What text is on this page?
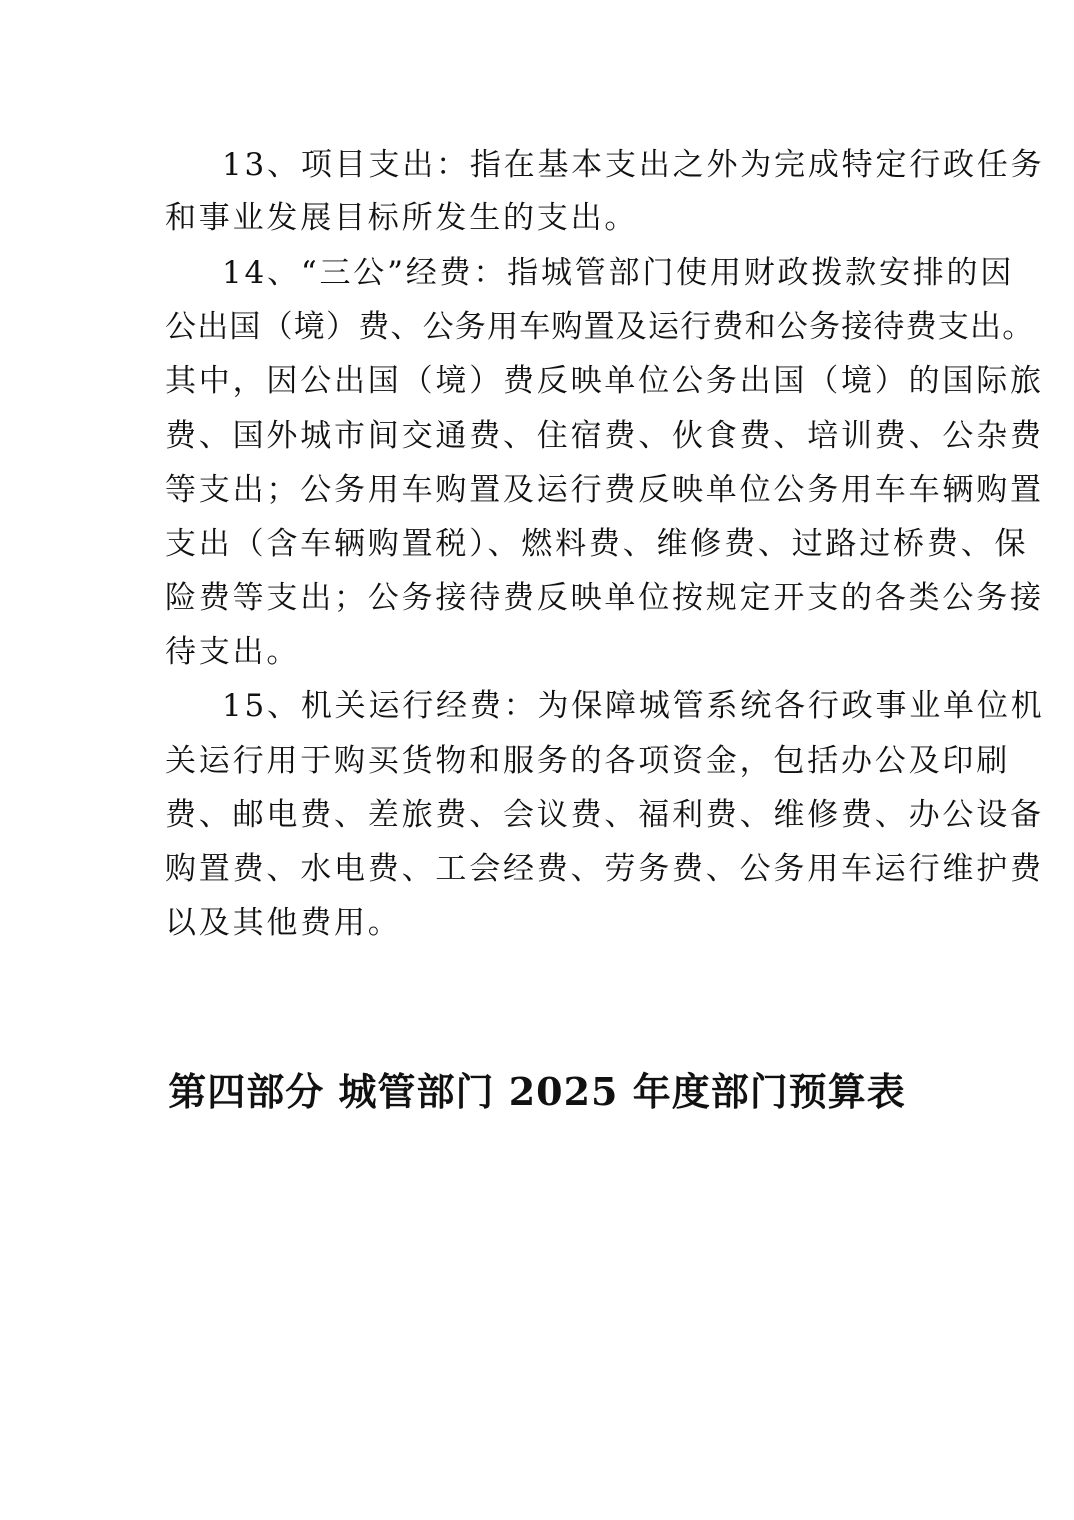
13、项目支出：指在基本支出之外为完成特定行政任务
和事业发展目标所发生的支出。
14、“三公”经费：指城管部门使用财政拨款安排的因
公出国（境）费、公务用车购置及运行费和公务接待费支出。
其中，因公出国（境）费反映单位公务出国（境）的国际旅
费、国外城市间交通费、住宿费、伙食费、培训费、公杂费
等支出；公务用车购置及运行费反映单位公务用车车辆购置
支出（含车辆购置税）、燃料费、维修费、过路过桥费、保
险费等支出；公务接待费反映单位按规定开支的各类公务接
待支出。
15、机关运行经费：为保障城管系统各行政事业单位机
关运行用于购买货物和服务的各项资金，包括办公及印刷
费、邮电费、差旅费、会议费、福利费、维修费、办公设备
购置费、水电费、工会经费、劳务费、公务用车运行维护费
以及其他费用。
第四部分 城管部门 2025 年度部门预算表
